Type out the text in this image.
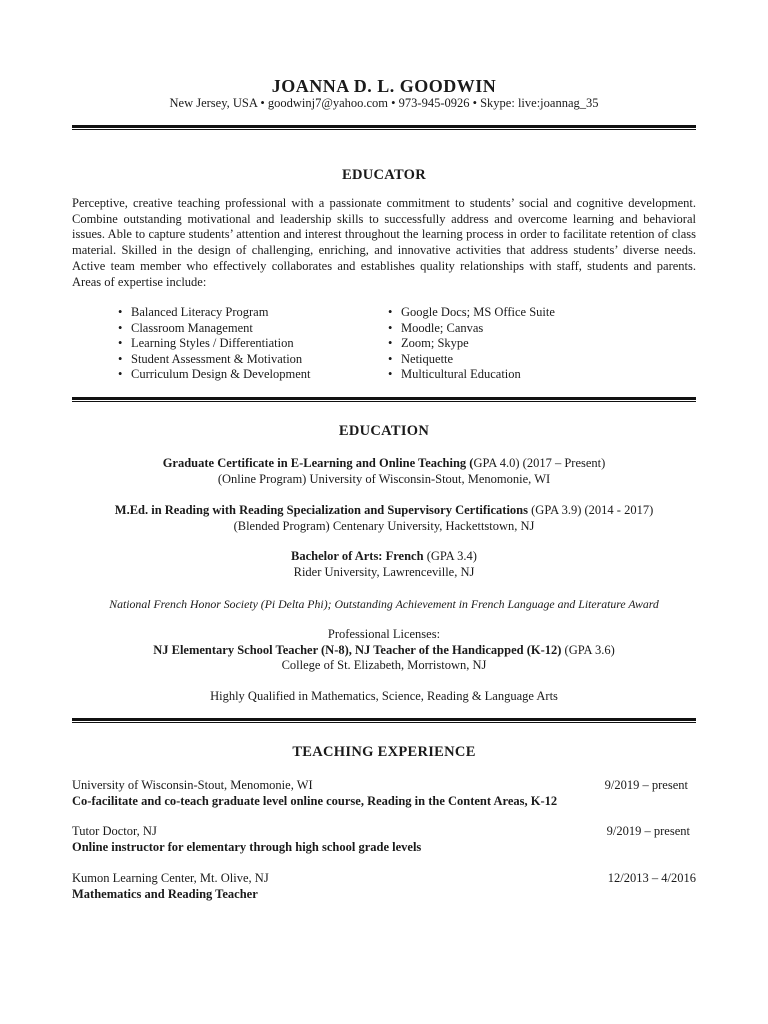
JOANNA D. L. GOODWIN
New Jersey, USA • goodwinj7@yahoo.com • 973-945-0926 • Skype: live:joannag_35
EDUCATOR
Perceptive, creative teaching professional with a passionate commitment to students’ social and cognitive development. Combine outstanding motivational and leadership skills to successfully address and overcome learning and behavioral issues. Able to capture students’ attention and interest throughout the learning process in order to facilitate retention of class material. Skilled in the design of challenging, enriching, and innovative activities that address students’ diverse needs. Active team member who effectively collaborates and establishes quality relationships with staff, students and parents. Areas of expertise include:
• Balanced Literacy Program
• Classroom Management
• Learning Styles / Differentiation
• Student Assessment & Motivation
• Curriculum Design & Development
• Google Docs; MS Office Suite
• Moodle; Canvas
• Zoom; Skype
• Netiquette
• Multicultural Education
EDUCATION
Graduate Certificate in E-Learning and Online Teaching (GPA 4.0) (2017 – Present)
(Online Program) University of Wisconsin-Stout, Menomonie, WI
M.Ed. in Reading with Reading Specialization and Supervisory Certifications (GPA 3.9) (2014 - 2017)
(Blended Program) Centenary University, Hackettstown, NJ
Bachelor of Arts: French (GPA 3.4)
Rider University, Lawrenceville, NJ
National French Honor Society (Pi Delta Phi); Outstanding Achievement in French Language and Literature Award
Professional Licenses:
NJ Elementary School Teacher (N-8), NJ Teacher of the Handicapped (K-12) (GPA 3.6)
College of St. Elizabeth, Morristown, NJ
Highly Qualified in Mathematics, Science, Reading & Language Arts
TEACHING EXPERIENCE
University of Wisconsin-Stout, Menomonie, WI	9/2019 – present
Co-facilitate and co-teach graduate level online course, Reading in the Content Areas, K-12
Tutor Doctor, NJ	9/2019 – present
Online instructor for elementary through high school grade levels
Kumon Learning Center, Mt. Olive, NJ	12/2013 – 4/2016
Mathematics and Reading Teacher
